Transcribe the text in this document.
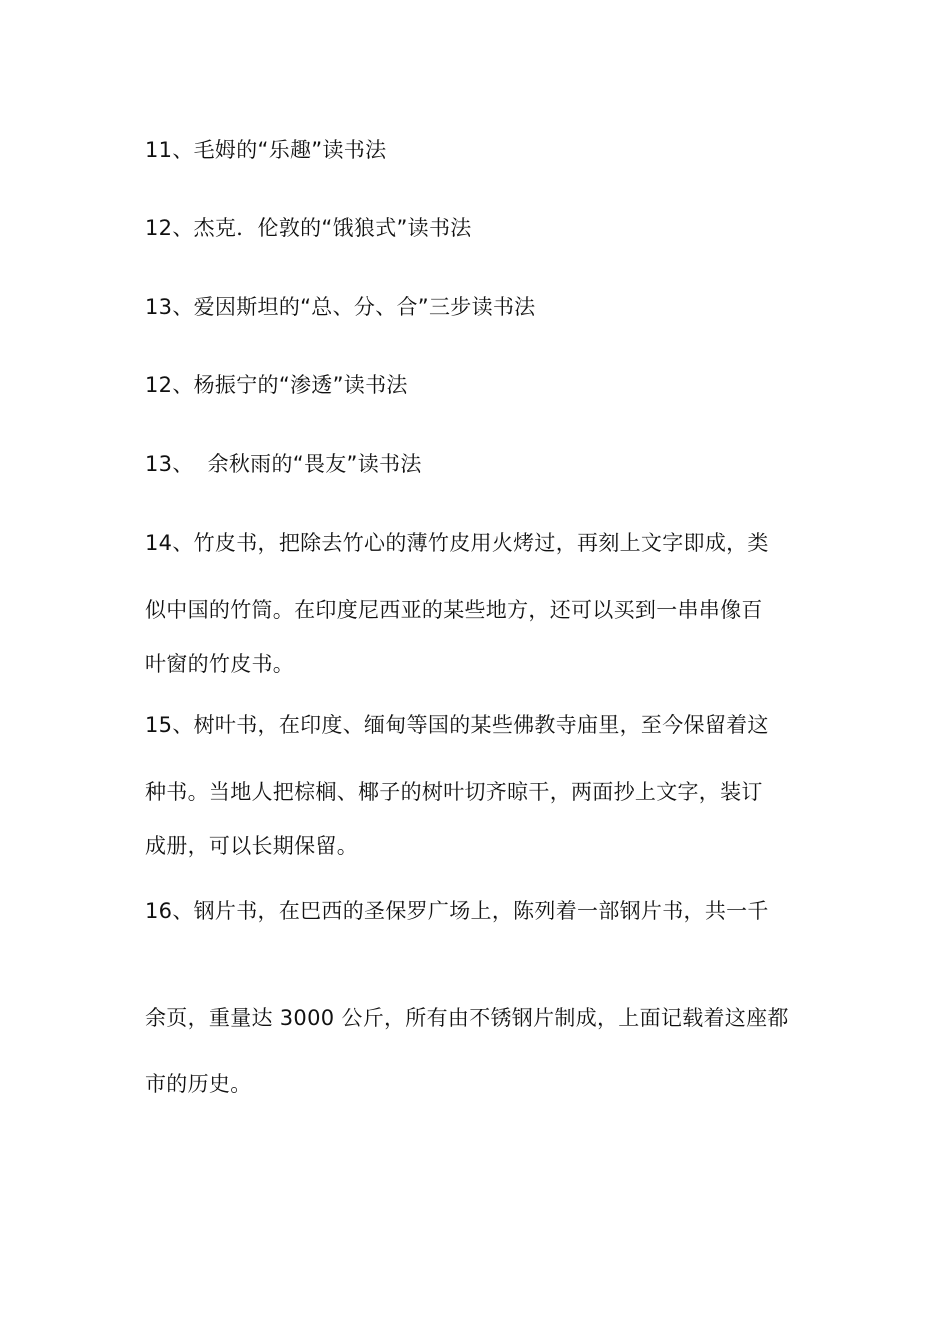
11、毛姆的“乐趣”读书法

12、杰克．伦敦的“饿狼式”读书法

13、爱因斯坦的“总、分、合”三步读书法

12、杨振宁的“渗透”读书法

13、  余秋雨的“畏友”读书法

14、竹皮书，把除去竹心的薄竹皮用火烤过，再刻上文字即成，类

似中国的竹筒。在印度尼西亚的某些地方，还可以买到一串串像百

叶窗的竹皮书。

15、树叶书，在印度、缅甸等国的某些佛教寺庙里，至今保留着这

种书。当地人把棕榈、椰子的树叶切齐晾干，两面抄上文字，装订

成册，可以长期保留。

16、钢片书，在巴西的圣保罗广场上，陈列着一部钢片书，共一千

余页，重量达 3000 公斤，所有由不锈钢片制成，上面记载着这座都

市的历史。
